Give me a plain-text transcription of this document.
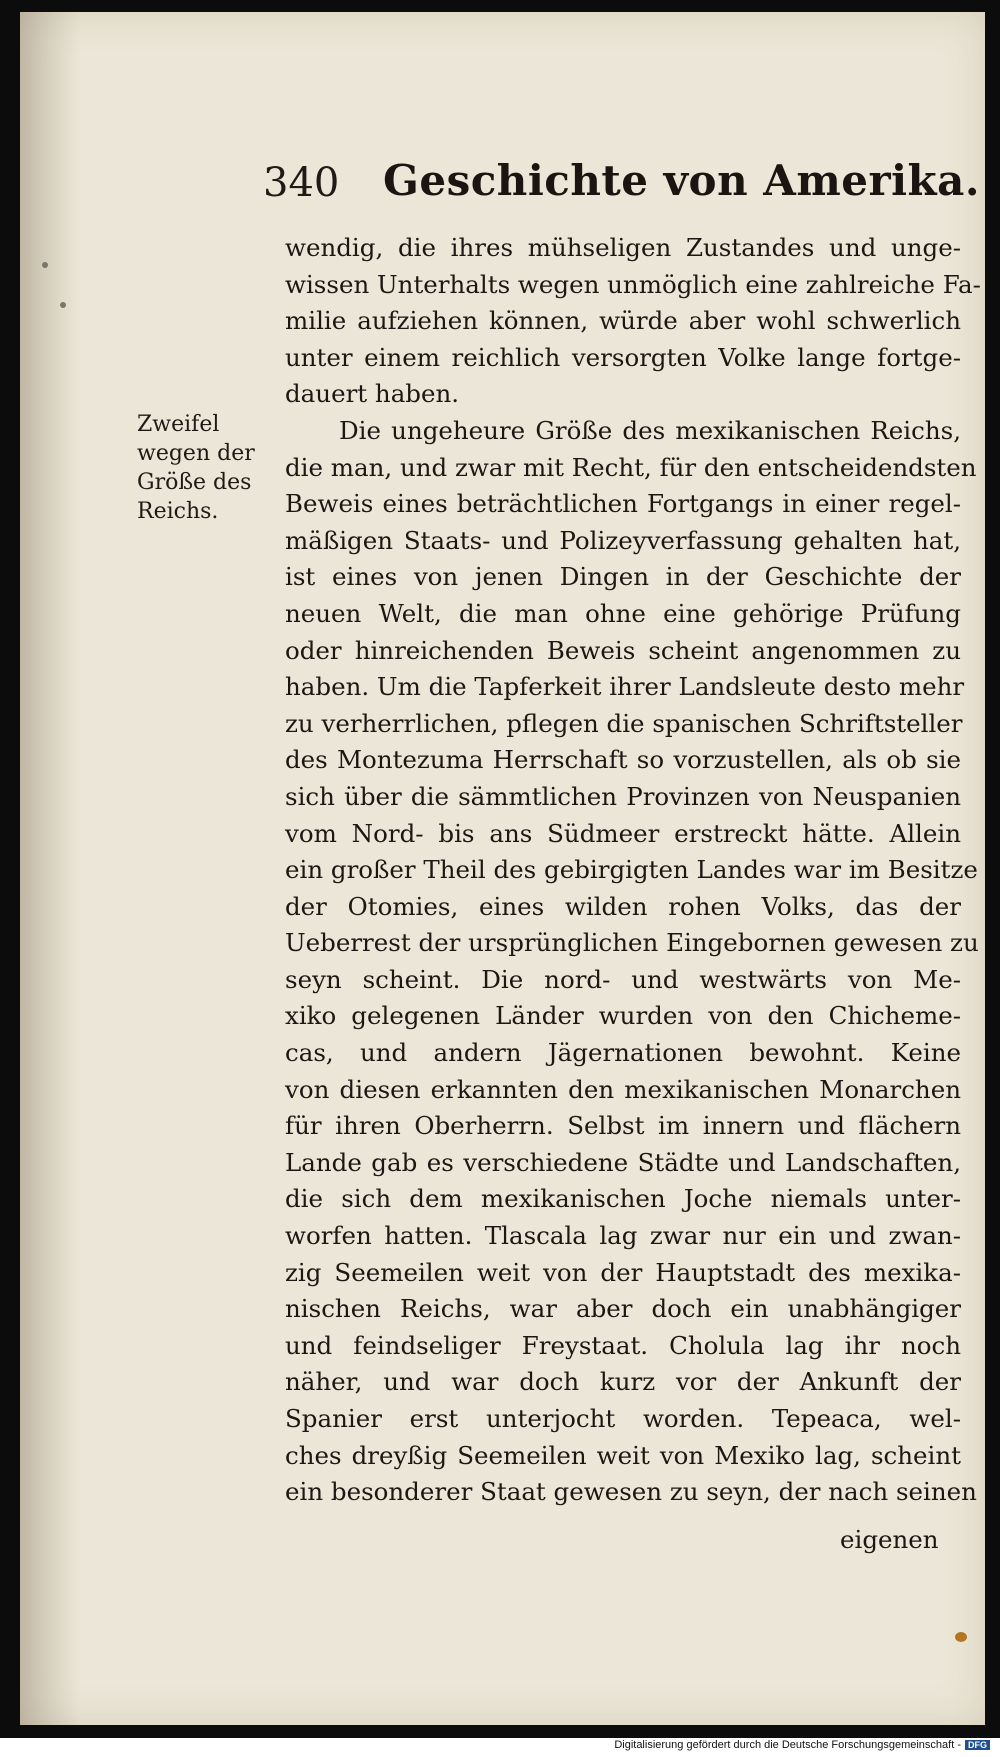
340 Geschichte von Amerika.
Zweifel
wegen der
Größe des
Reichs.
wendig, die ihres mühseligen Zustandes und unge-
wissen Unterhalts wegen unmöglich eine zahlreiche Fa-
milie aufziehen können, würde aber wohl schwerlich
unter einem reichlich versorgten Volke lange fortge-
dauert haben.
Die ungeheure Größe des mexikanischen Reichs,
die man, und zwar mit Recht, für den entscheidendsten
Beweis eines beträchtlichen Fortgangs in einer regel-
mäßigen Staats- und Polizeyverfassung gehalten hat,
ist eines von jenen Dingen in der Geschichte der
neuen Welt, die man ohne eine gehörige Prüfung
oder hinreichenden Beweis scheint angenommen zu
haben. Um die Tapferkeit ihrer Landsleute desto mehr
zu verherrlichen, pflegen die spanischen Schriftsteller
des Montezuma Herrschaft so vorzustellen, als ob sie
sich über die sämmtlichen Provinzen von Neuspanien
vom Nord- bis ans Südmeer erstreckt hätte. Allein
ein großer Theil des gebirgigten Landes war im Besitze
der Otomies, eines wilden rohen Volks, das der
Ueberrest der ursprünglichen Eingebornen gewesen zu
seyn scheint. Die nord- und westwärts von Me-
xiko gelegenen Länder wurden von den Chicheme-
cas, und andern Jägernationen bewohnt. Keine
von diesen erkannten den mexikanischen Monarchen
für ihren Oberherrn. Selbst im innern und flächern
Lande gab es verschiedene Städte und Landschaften,
die sich dem mexikanischen Joche niemals unter-
worfen hatten. Tlascala lag zwar nur ein und zwan-
zig Seemeilen weit von der Hauptstadt des mexika-
nischen Reichs, war aber doch ein unabhängiger
und feindseliger Freystaat. Cholula lag ihr noch
näher, und war doch kurz vor der Ankunft der
Spanier erst unterjocht worden. Tepeaca, wel-
ches dreyßig Seemeilen weit von Mexiko lag, scheint
ein besonderer Staat gewesen zu seyn, der nach seinen
eigenen
Digitalisierung gefördert durch die Deutsche Forschungsgemeinschaft - DFG
